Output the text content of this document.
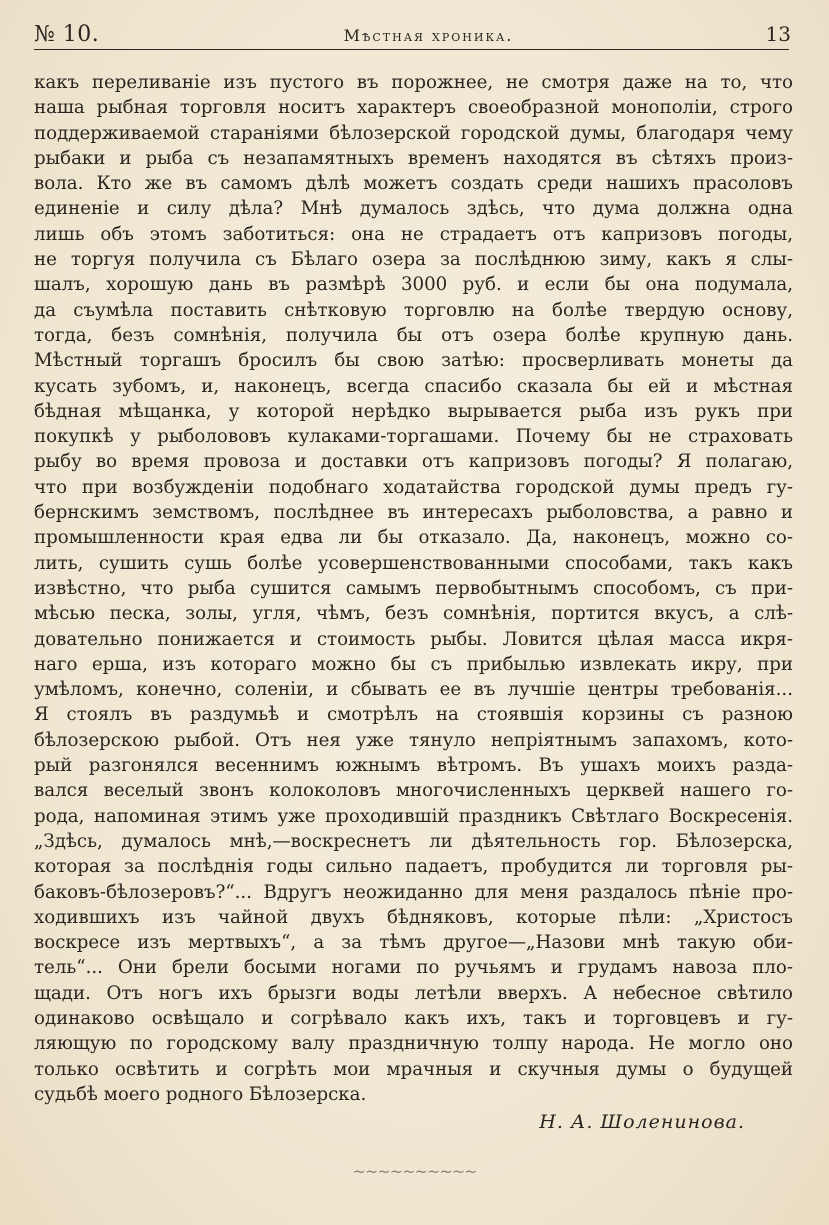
№ 10.	Мѣстная хроника.	13
какъ переливаніе изъ пустого въ порожнее, не смотря даже на то, что
наша рыбная торговля носитъ характеръ своеобразной монополіи, строго
поддерживаемой стараніями бѣлозерской городской думы, благодаря чему
рыбаки и рыба съ незапамятныхъ временъ находятся въ сѣтяхъ произ-
вола. Кто же въ самомъ дѣлѣ можетъ создать среди нашихъ прасоловъ
единеніе и силу дѣла? Мнѣ думалось здѣсь, что дума должна одна
лишь объ этомъ заботиться: она не страдаетъ отъ капризовъ погоды,
не торгуя получила съ Бѣлаго озера за послѣднюю зиму, какъ я слы-
шалъ, хорошую дань въ размѣрѣ 3000 руб. и если бы она подумала,
да съумѣла поставить снѣтковую торговлю на болѣе твердую основу,
тогда, безъ сомнѣнія, получила бы отъ озера болѣе крупную дань.
Мѣстный торгашъ бросилъ бы свою затѣю: просверливать монеты да
кусать зубомъ, и, наконецъ, всегда спасибо сказала бы ей и мѣстная
бѣдная мѣщанка, у которой нерѣдко вырывается рыба изъ рукъ при
покупкѣ у рыболововъ кулаками-торгашами. Почему бы не страховать
рыбу во время провоза и доставки отъ капризовъ погоды? Я полагаю,
что при возбужденіи подобнаго ходатайства городской думы предъ гу-
бернскимъ земствомъ, послѣднее въ интересахъ рыболовства, а равно и
промышленности края едва ли бы отказало. Да, наконецъ, можно со-
лить, сушить сушь болѣе усовершенствованными способами, такъ какъ
извѣстно, что рыба сушится самымъ первобытнымъ способомъ, съ при-
мѣсью песка, золы, угля, чѣмъ, безъ сомнѣнія, портится вкусъ, а слѣ-
довательно понижается и стоимость рыбы. Ловится цѣлая масса икря-
наго ерша, изъ котораго можно бы съ прибылью извлекать икру, при
умѣломъ, конечно, соленіи, и сбывать ее въ лучшіе центры требованія...
Я стоялъ въ раздумьѣ и смотрѣлъ на стоявшія корзины съ разною
бѣлозерскою рыбой. Отъ нея уже тянуло непріятнымъ запахомъ, кото-
рый разгонялся весеннимъ южнымъ вѣтромъ. Въ ушахъ моихъ разда-
вался веселый звонъ колоколовъ многочисленныхъ церквей нашего го-
рода, напоминая этимъ уже проходившій праздникъ Свѣтлаго Воскресенія.
„Здѣсь, думалось мнѣ,—воскреснетъ ли дѣятельность гор. Бѣлозерска,
которая за послѣднія годы сильно падаетъ, пробудится ли торговля ры-
баковъ-бѣлозеровъ?“... Вдругъ неожиданно для меня раздалось пѣніе про-
ходившихъ изъ чайной двухъ бѣдняковъ, которые пѣли: „Христосъ
воскресе изъ мертвыхъ“, а за тѣмъ другое—„Назови мнѣ такую оби-
тель“... Они брели босыми ногами по ручьямъ и грудамъ навоза пло-
щади. Отъ ногъ ихъ брызги воды летѣли вверхъ. А небесное свѣтило
одинаково освѣщало и согрѣвало какъ ихъ, такъ и торговцевъ и гу-
ляющую по городскому валу праздничную толпу народа. Не могло оно
только освѣтить и согрѣть мои мрачныя и скучныя думы о будущей
судьбѣ моего родного Бѣлозерска.
Н. А. Шоленинова.
~~~~~~~~~~
